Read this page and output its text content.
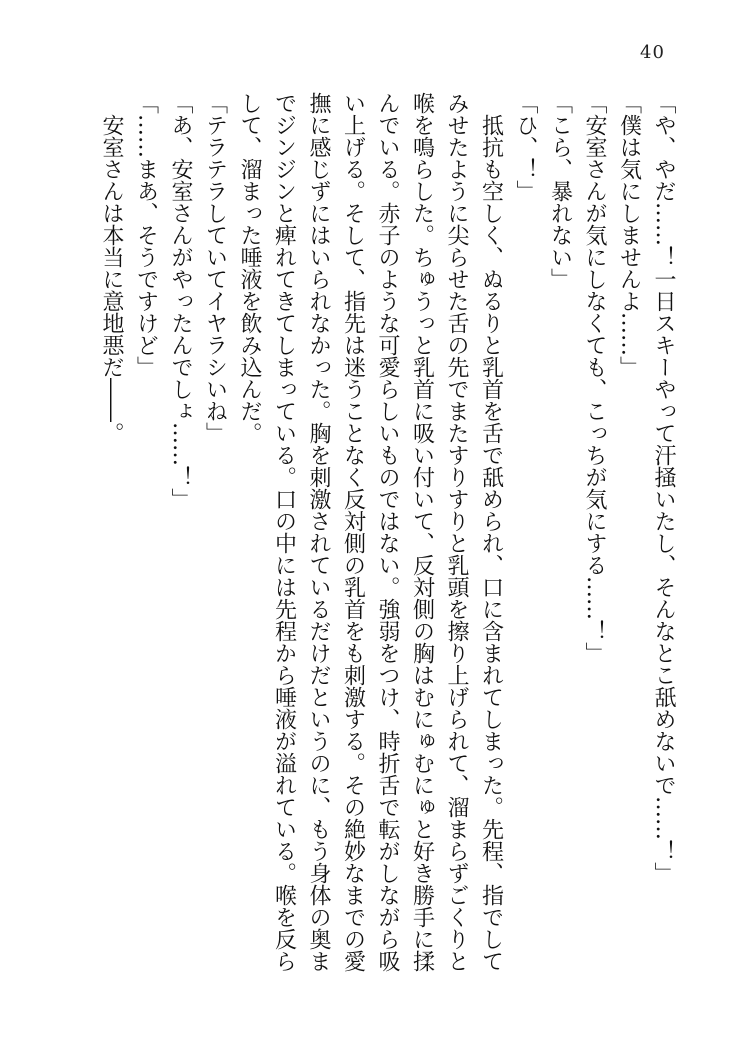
40

「や、やだ……！一日スキーやって汗掻いたし、そんなとこ舐めないで……！」

「僕は気にしませんよ……」

「安室さんが気にしなくても、こっちが気にする……！」

「こら、暴れない」

「ひ、！」

抵抗も空しく、ぬるりと乳首を舌で舐められ、口に含まれてしまった。先程、指でしてみせたように尖らせた舌の先でまたすりすりと乳頭を擦り上げられて、溜まらずごくりと喉を鳴らした。ちゅうっと乳首に吸い付いて、反対側の胸はむにゅむにゅと好き勝手に揉んでいる。赤子のような可愛らしいものではない。強弱をつけ、時折舌で転がしながら吸い上げる。そして、指先は迷うことなく反対側の乳首をも刺激する。その絶妙なまでの愛撫に感じずにはいられなかった。胸を刺激されているだけだというのに、もう身体の奥までジンジンと痺れてきてしまっている。口の中には先程から唾液が溢れている。喉を反らして、溜まった唾液を飲み込んだ。

「テラテラしていてイヤラシいね」

「あ、安室さんがやったんでしょ……！」

「……まあ、そうですけど」

安室さんは本当に意地悪だ――。
